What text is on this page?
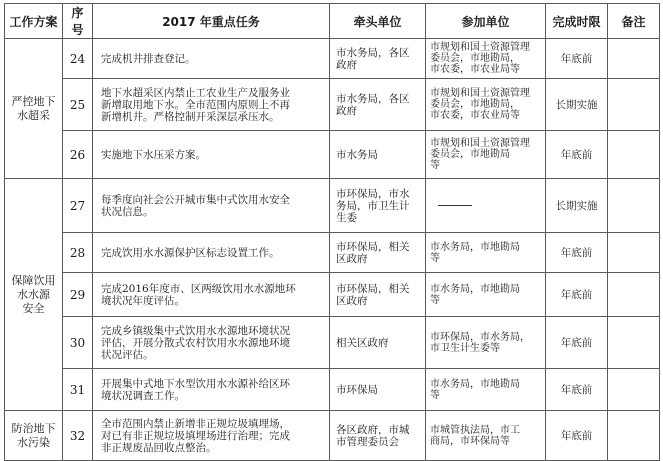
工作方案	序号	2017 年重点任务	牵头单位	参加单位	完成时限	备注

严控地下
水超采	24	完成机井排查登记。	市水务局，各区
政府	市规划和国土资源管理
委员会，市地勘局，
市农委，市农业局等	年底前	
	25	地下水超采区内禁止工农业生产及服务业
新增取用地下水。全市范围内原则上不再
新增机井。严格控制开采深层承压水。	市水务局，各区
政府	市规划和国土资源管理
委员会，市地勘局，
市农委，市农业局等	长期实施	
	26	实施地下水压采方案。	市水务局	市规划和国土资源管理
委员会，市地勘局
等	年底前	

保障饮用
水水源
安全	27	每季度向社会公开城市集中式饮用水安全
状况信息。	市环保局，市水
务局，市卫生计
生委		长期实施	
	28	完成饮用水水源保护区标志设置工作。	市环保局，相关
区政府	市水务局，市地勘局
等	年底前	
	29	完成2016年度市、区两级饮用水水源地环
境状况年度评估。	市环保局，相关
区政府	市水务局，市地勘局
等	年底前	
	30	完成乡镇级集中式饮用水水源地环境状况
评估，开展分散式农村饮用水水源地环境
状况评估。	相关区政府	市环保局，市水务局，
市卫生计生委等	年底前	
	31	开展集中式地下水型饮用水水源补给区环
境状况调查工作。	市环保局	市水务局，市地勘局
等	年底前	

防治地下
水污染	32	全市范围内禁止新增非正规垃圾填埋场，
对已有非正规垃圾填埋场进行治理；完成
非正规废品回收点整治。	各区政府，市城
市管理委员会	市城管执法局，市工
商局，市环保局等	年底前	
